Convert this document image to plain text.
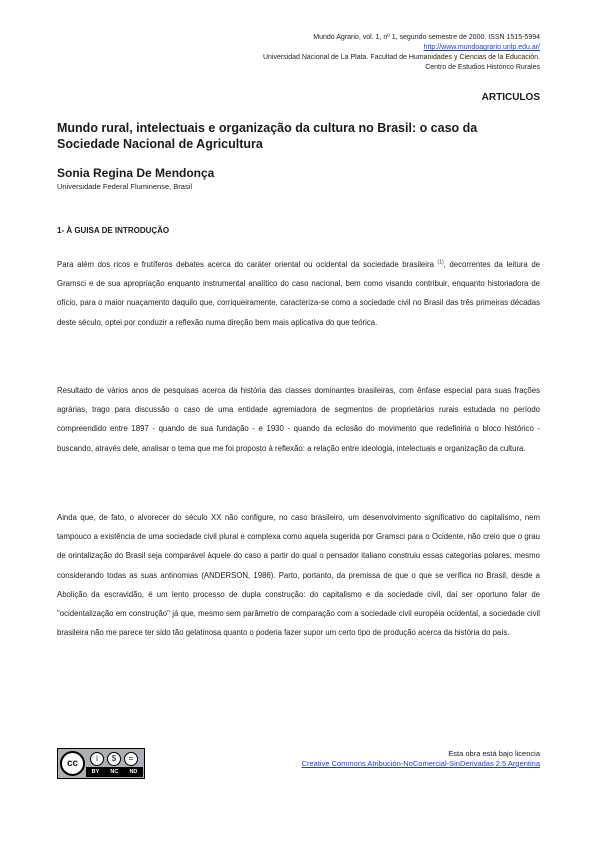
Mundo Agrario, vol. 1, nº 1, segundo semestre de 2000. ISSN 1515-5994
http://www.mundoagrario.unlp.edu.ar/
Universidad Nacional de La Plata. Facultad de Humanidades y Ciencias de la Educación.
Centro de Estudios Histórico Rurales
ARTICULOS
Mundo rural, intelectuais e organização da cultura no Brasil: o caso da Sociedade Nacional de Agricultura
Sonia Regina De Mendonça
Universidade Federal Fluminense, Brasil
1- À GUISA DE INTRODUÇÃO

Para além dos ricos e frutíferos debates acerca do caráter oriental ou ocidental da sociedade brasileira $^{(1)}$, decorrentes da leitura de Gramsci e de sua apropriação enquanto instrumental analítico do caso nacional, bem como visando contribuir, enquanto historiadora de ofício, para o maior nuaçamento daquilo que, corriqueiramente, caracteriza-se como a sociedade civil no Brasil das três primeiras décadas deste século, optei por conduzir a reflexão numa direção bem mais aplicativa do que teórica.

Resultado de vários anos de pesquisas acerca da história das classes dominantes brasileiras, com ênfase especial para suas frações agrárias, trago para discussão o caso de uma entidade agremiadora de segmentos de proprietários rurais estudada no período compreendido entre 1897 - quando de sua fundação - e 1930 - quando da eclosão do movimento que redefiniria o bloco histórico - buscando, através dele, analisar o tema que me foi proposto à reflexão: a relação entre ideologia, intelectuais e organização da cultura.

Ainda que, de fato, o alvorecer do século XX não configure, no caso brasileiro, um desenvolvimento significativo do capitalismo, nem tampouco a existência de uma sociedade civil plural e complexa como aquela sugerida por Gramsci para o Ocidente, não creio que o grau de orintalização do Brasil seja comparável àquele do caso a partir do qual o pensador italiano construiu essas categorias polares, mesmo considerando todas as suas antinomias (ANDERSON, 1986). Parto, portanto, da premissa de que o que se verifica no Brasil, desde a Abolição da escravidão, é um lento processo de dupla construção: do capitalismo e da sociedade civil, daí ser oportuno falar de "ocidentalização em construção" já que, mesmo sem parâmetro de comparação com a sociedade civil européia ocidental, a sociedade civil brasileira não me parece ter sido tão gelatinosa quanto o poderia fazer supor um certo tipo de produção acerca da história do país.

cc	i	$	=
BY NC ND
Esta obra está bajo licencia
Creative Commons Atribución-NoComercial-SinDerivadas 2.5 Argentina
